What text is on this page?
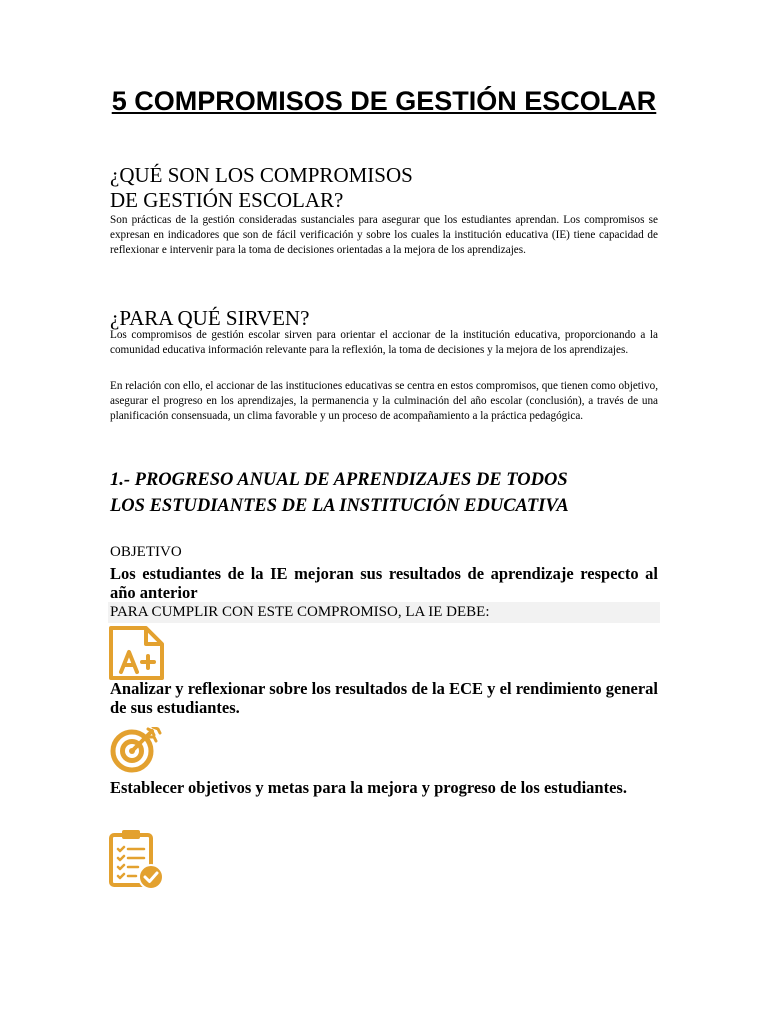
5 COMPROMISOS DE GESTIÓN ESCOLAR
¿QUÉ SON LOS COMPROMISOS
DE GESTIÓN ESCOLAR?

Son prácticas de la gestión consideradas sustanciales para asegurar que los estudiantes aprendan. Los compromisos se expresan en indicadores que son de fácil verificación y sobre los cuales la institución educativa (IE) tiene capacidad de reflexionar e intervenir para la toma de decisiones orientadas a la mejora de los aprendizajes.

¿PARA QUÉ SIRVEN?

Los compromisos de gestión escolar sirven para orientar el accionar de la institución educativa, proporcionando a la comunidad educativa información relevante para la reflexión, la toma de decisiones y la mejora de los aprendizajes.

En relación con ello, el accionar de las instituciones educativas se centra en estos compromisos, que tienen como objetivo, asegurar el progreso en los aprendizajes, la permanencia y la culminación del año escolar (conclusión), a través de una planificación consensuada, un clima favorable y un proceso de acompañamiento a la práctica pedagógica.

1.- PROGRESO ANUAL DE APRENDIZAJES DE TODOS
LOS ESTUDIANTES DE LA INSTITUCIÓN EDUCATIVA
OBJETIVO

Los estudiantes de la IE mejoran sus resultados de aprendizaje respecto al año anterior

PARA CUMPLIR CON ESTE COMPROMISO, LA IE DEBE:

Analizar y reflexionar sobre los resultados de la ECE y el rendimiento general de sus estudiantes.

Establecer objetivos y metas para la mejora y progreso de los estudiantes.
